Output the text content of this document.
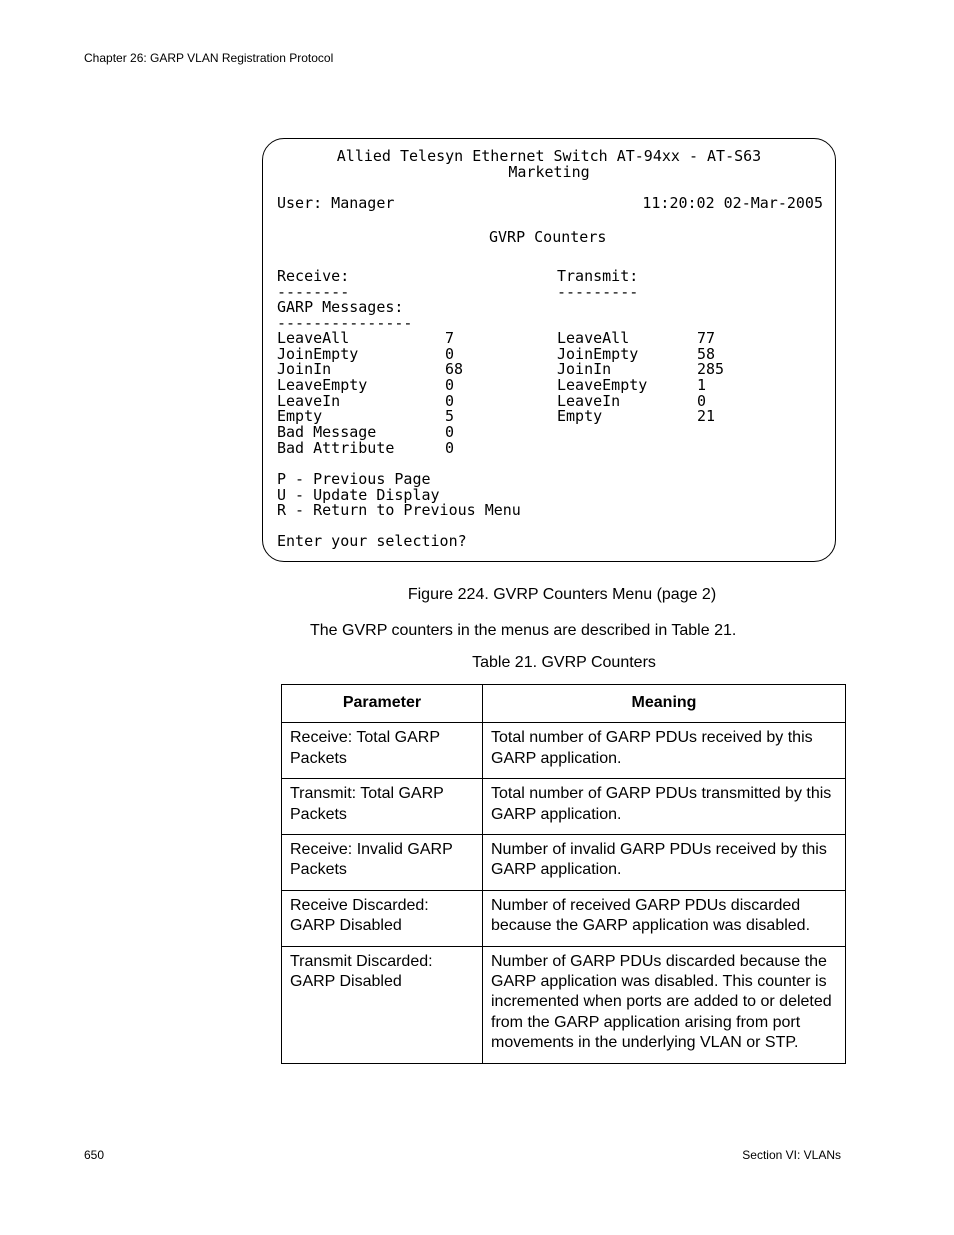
Chapter 26: GARP VLAN Registration Protocol

Allied Telesyn Ethernet Switch AT-94xx - AT-S63

Marketing

User: Manager	11:20:02 02-Mar-2005

GVRP Counters

Receive:

--------

Transmit:

---------

GARP Messages:

---------------

LeaveAll	7

JoinEmpty	0

JoinIn	68

LeaveEmpty	0

LeaveIn	0

Empty	5

Bad Message	0

Bad Attribute	0

LeaveAll	77

JoinEmpty	58

JoinIn	285

LeaveEmpty	1

LeaveIn	0

Empty	21

P - Previous Page

U - Update Display

R - Return to Previous Menu

Enter your selection?

Figure 224. GVRP Counters Menu (page 2)
The GVRP counters in the menus are described in Table 21.
Table 21. GVRP Counters
Parameter	Meaning
Receive: Total GARP Packets	Total number of GARP PDUs received by this GARP application.
Transmit: Total GARP Packets	Total number of GARP PDUs transmitted by this GARP application.
Receive: Invalid GARP Packets	Number of invalid GARP PDUs received by this GARP application.
Receive Discarded: GARP Disabled	Number of received GARP PDUs discarded because the GARP application was disabled.
Transmit Discarded: GARP Disabled	Number of GARP PDUs discarded because the GARP application was disabled. This counter is incremented when ports are added to or deleted from the GARP application arising from port movements in the underlying VLAN or STP.
650	Section VI: VLANs
